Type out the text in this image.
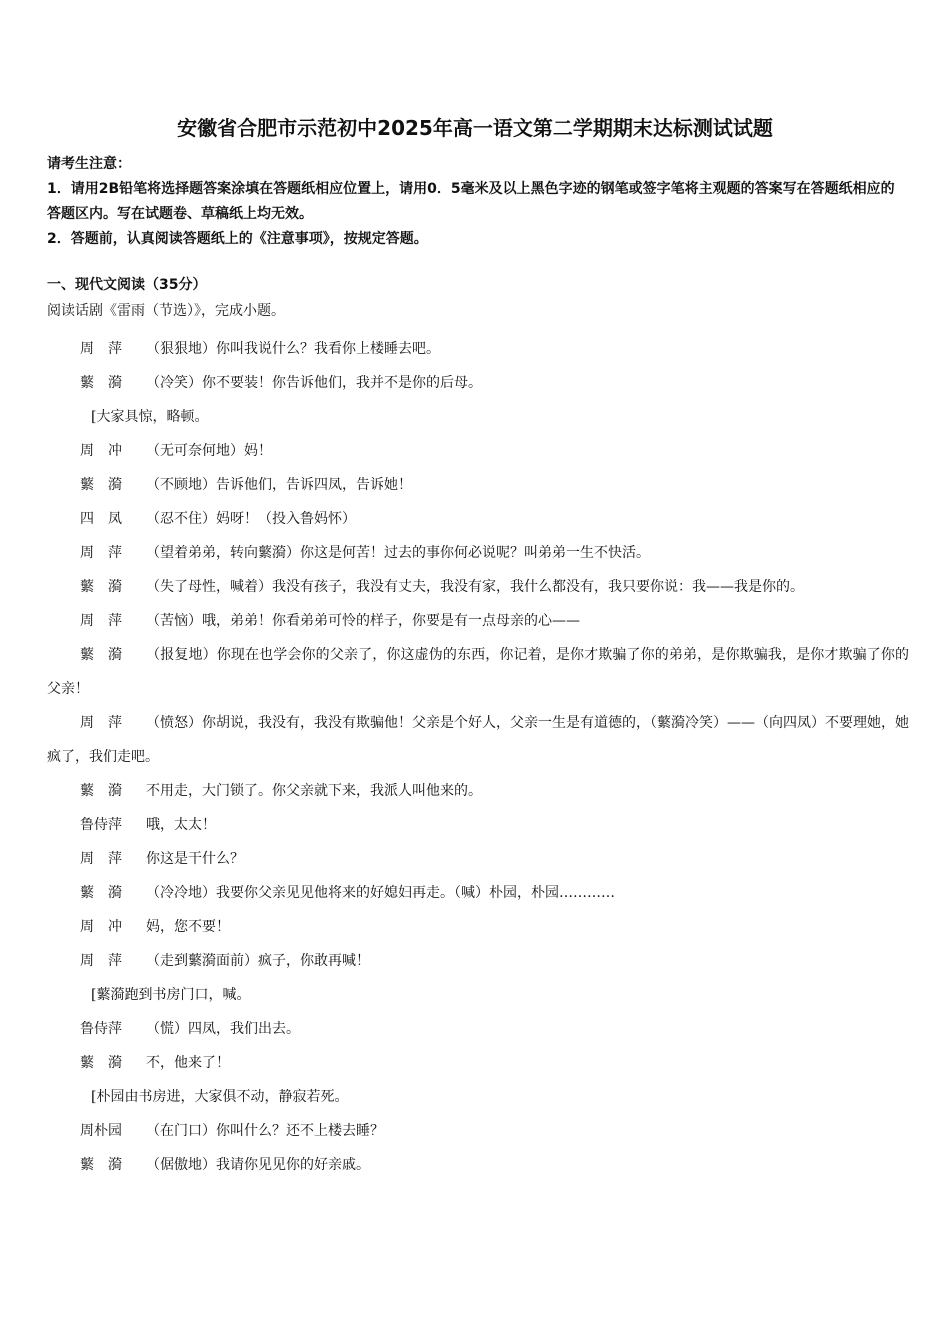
安徽省合肥市示范初中2025年高一语文第二学期期末达标测试试题

请考生注意：

1．请用2B铅笔将选择题答案涂填在答题纸相应位置上，请用0．5毫米及以上黑色字迹的钢笔或签字笔将主观题的答案写在答题纸相应的答题区内。写在试题卷、草稿纸上均无效。

2．答题前，认真阅读答题纸上的《注意事项》，按规定答题。

一、现代文阅读（35分）
阅读话剧《雷雨（节选）》，完成小题。

周　萍 （狠狠地）你叫我说什么？我看你上楼睡去吧。

蘩　漪 （冷笑）你不要装！你告诉他们，我并不是你的后母。

[大家具惊，略顿。

周　冲 （无可奈何地）妈！

蘩　漪 （不顾地）告诉他们，告诉四凤，告诉她！

四　凤 （忍不住）妈呀！（投入鲁妈怀）

周　萍 （望着弟弟，转向蘩漪）你这是何苦！过去的事你何必说呢？叫弟弟一生不快活。

蘩　漪 （失了母性，喊着）我没有孩子，我没有丈夫，我没有家，我什么都没有，我只要你说：我——我是你的。

周　萍 （苦恼）哦，弟弟！你看弟弟可怜的样子，你要是有一点母亲的心——

蘩　漪 （报复地）你现在也学会你的父亲了，你这虚伪的东西，你记着，是你才欺骗了你的弟弟，是你欺骗我，是你才欺骗了你的父亲！

周　萍 （愤怒）你胡说，我没有，我没有欺骗他！父亲是个好人，父亲一生是有道德的，（蘩漪冷笑）——（向四凤）不要理她，她疯了，我们走吧。

蘩　漪 不用走，大门锁了。你父亲就下来，我派人叫他来的。

鲁侍萍 哦，太太！

周　萍 你这是干什么？

蘩　漪 （冷冷地）我要你父亲见见他将来的好媳妇再走。（喊）朴园，朴园…………

周　冲 妈，您不要！

周　萍 （走到蘩漪面前）疯子，你敢再喊！

[蘩漪跑到书房门口，喊。

鲁侍萍 （慌）四凤，我们出去。

蘩　漪 不，他来了！

[朴园由书房进，大家俱不动，静寂若死。

周朴园 （在门口）你叫什么？还不上楼去睡？

蘩　漪 （倨傲地）我请你见见你的好亲戚。
